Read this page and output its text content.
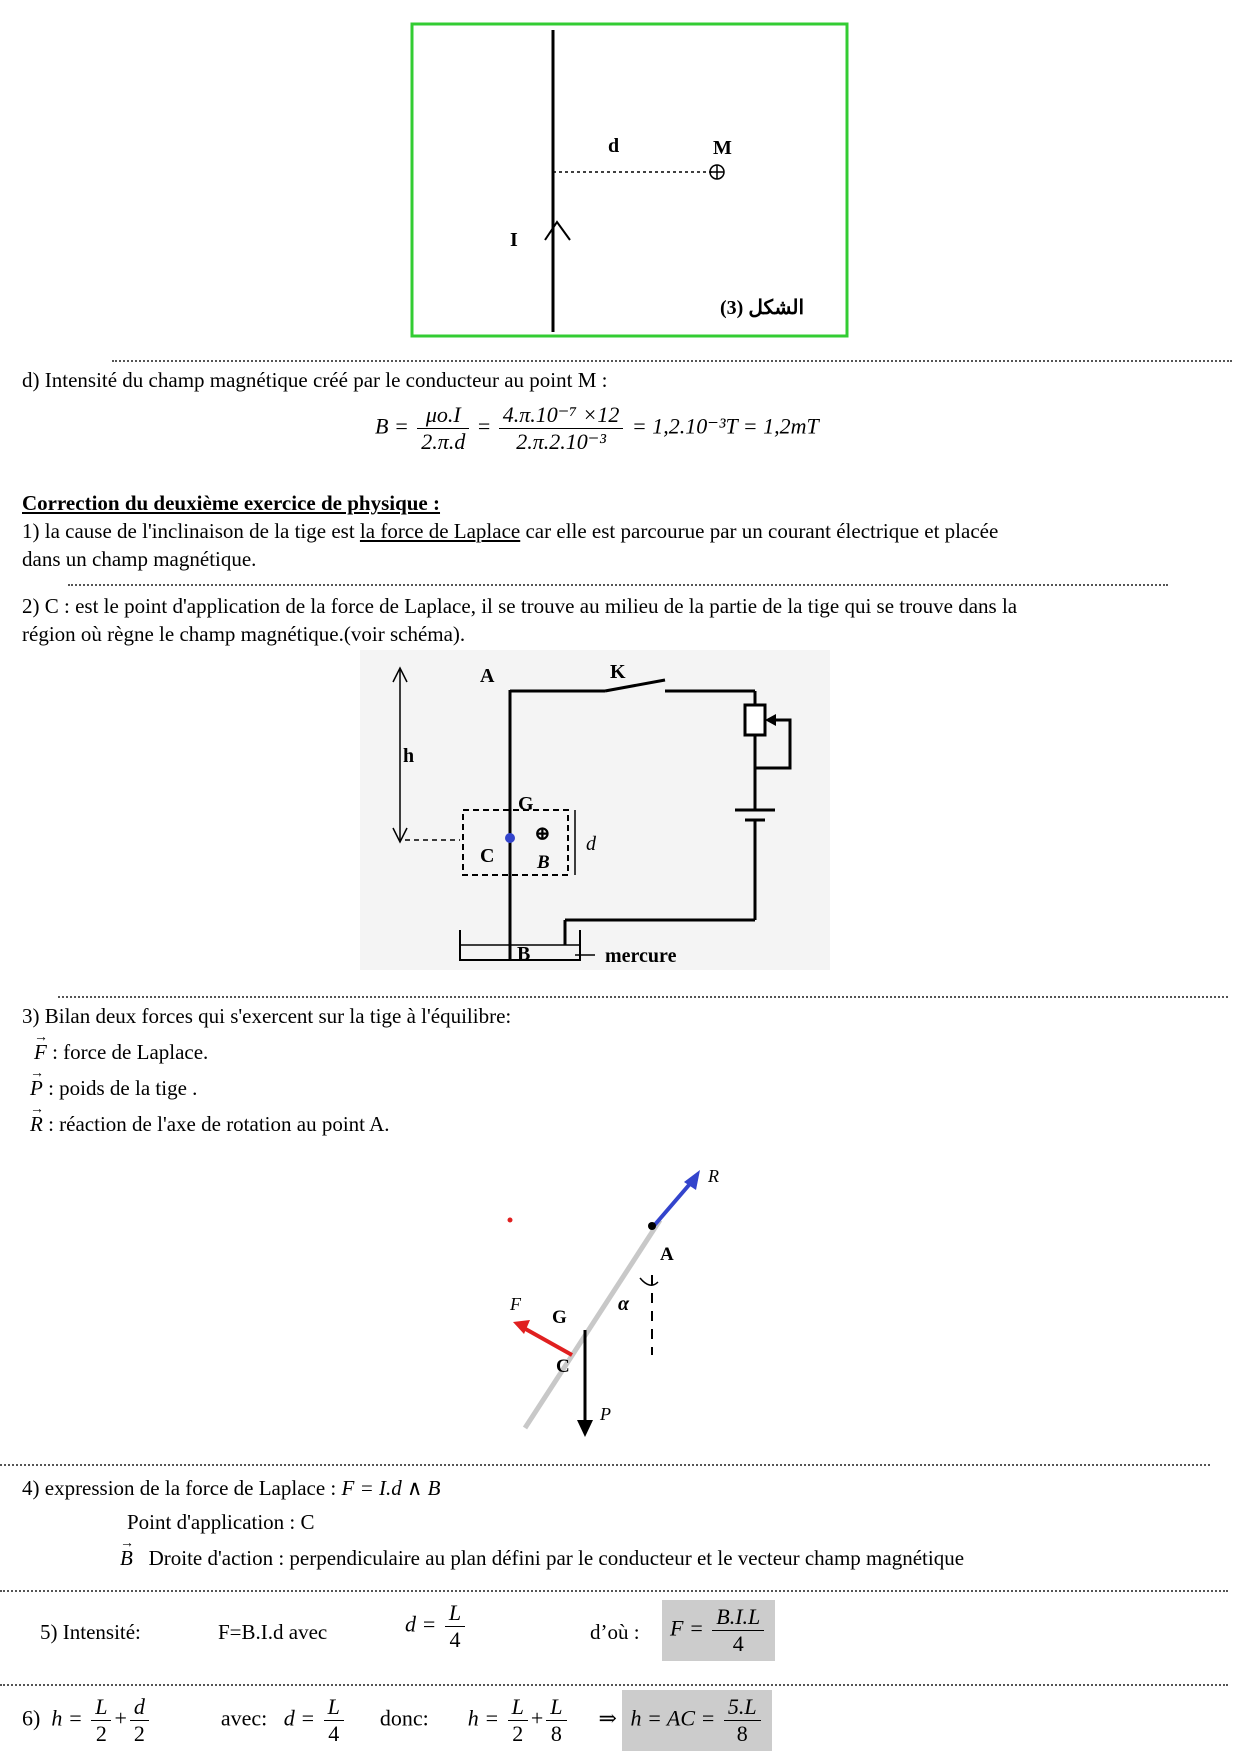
d	M
I
الشكل (3)
d) Intensité du champ magnétique créé par le conducteur au point M :
$B = \frac{\mu o.I}{2.\pi.d} = \frac{\text{4.π.10⁻⁷ ×12}}{\text{2.π.2.10⁻³}} = 1,2.10^{-3}T = 1,2mT$
Correction du deuxième exercice de physique :
1) la cause de l'inclinaison de la tige est la force de Laplace car elle est parcourue par un courant électrique et placée
dans un champ magnétique.
2) C : est le point d'application de la force de Laplace, il se trouve au milieu de la partie de la tige qui se trouve dans la
région où règne le champ magnétique.(voir schéma).
A	K
h
G
C
⊕
B
d
B	mercure
3) Bilan deux forces qui s'exercent sur la tige à l'équilibre:
→ F : force de Laplace.
→ P : poids de la tige .
→ R : réaction de l'axe de rotation au point A.
R
A
α
F
G
C
P
4) expression de la force de Laplace : F = I.d ∧ B
Point d'application : C
→ B Droite d'action : perpendiculaire au plan défini par le conducteur et le vecteur champ magnétique
5) Intensité:	F=B.I.d avec	$d = \frac{L}{4}$	d’où :	$F = \frac{B.I.L}{4}$
6) $h = \frac{L}{2} + \frac{d}{2}$	avec: $d = \frac{L}{4}$ donc: $h = \frac{L}{2} + \frac{L}{8}$ ⇒ h = AC = $\frac{5.L}{8}$
